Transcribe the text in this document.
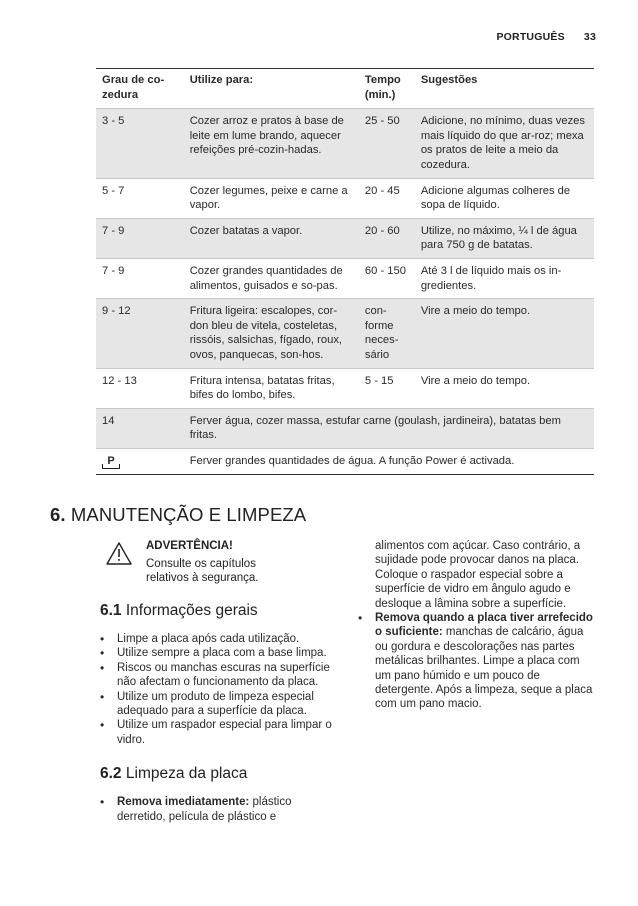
PORTUGUÊS 33
Grau de co-zedura	Utilize para:	Tempo (min.)	Sugestões
3 - 5	Cozer arroz e pratos à base de leite em lume brando, aquecer refeições pré-cozin-hadas.	25 - 50	Adicione, no mínimo, duas vezes mais líquido do que ar-roz; mexa os pratos de leite a meio da cozedura.
5 - 7	Cozer legumes, peixe e carne a vapor.	20 - 45	Adicione algumas colheres de sopa de líquido.
7 - 9	Cozer batatas a vapor.	20 - 60	Utilize, no máximo, ¼ l de água para 750 g de batatas.
7 - 9	Cozer grandes quantidades de alimentos, guisados e so-pas.	60 - 150	Até 3 l de líquido mais os in-gredientes.
9 - 12	Fritura ligeira: escalopes, cor-don bleu de vitela, costeletas, rissóis, salsichas, fígado, roux, ovos, panquecas, son-hos.	con-forme neces-sário	Vire a meio do tempo.
12 - 13	Fritura intensa, batatas fritas, bifes do lombo, bifes.	5 - 15	Vire a meio do tempo.
14	Ferver água, cozer massa, estufar carne (goulash, jardineira), batatas bem fritas.		
P	Ferver grandes quantidades de água. A função Power é activada.		
6. MANUTENÇÃO E LIMPEZA
ADVERTÊNCIA!
Consulte os capítulos relativos à segurança.
6.1 Informações gerais
• Limpe a placa após cada utilização.
• Utilize sempre a placa com a base limpa.
• Riscos ou manchas escuras na superfície não afectam o funcionamento da placa.
• Utilize um produto de limpeza especial adequado para a superfície da placa.
• Utilize um raspador especial para limpar o vidro.
6.2 Limpeza da placa
• Remova imediatamente: plástico derretido, película de plástico e
alimentos com açúcar. Caso contrário, a sujidade pode provocar danos na placa. Coloque o raspador especial sobre a superfície de vidro em ângulo agudo e desloque a lâmina sobre a superfície.
• Remova quando a placa tiver arrefecido o suficiente: manchas de calcário, água ou gordura e descolorações nas partes metálicas brilhantes. Limpe a placa com um pano húmido e um pouco de detergente. Após a limpeza, seque a placa com um pano macio.
